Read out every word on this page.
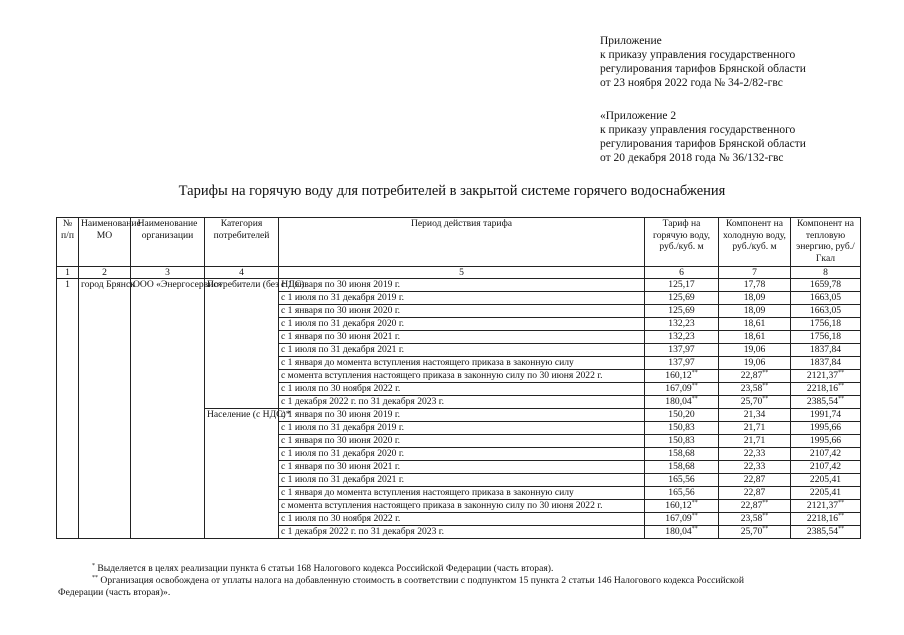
Приложение
к приказу управления государственного
регулирования тарифов Брянской области
от 23 ноября 2022 года № 34-2/82-гвс
«Приложение 2
к приказу управления государственного
регулирования тарифов Брянской области
от 20 декабря 2018 года № 36/132-гвс
Тарифы на горячую воду для потребителей в закрытой системе горячего водоснабжения
№ п/п	Наименование МО	Наименование организации	Категория потребителей	Период действия тарифа	Тариф на горячую воду, руб./куб. м	Компонент на холодную воду, руб./куб. м	Компонент на тепловую энергию, руб./Гкал
1	2	3	4	5	6	7	8
1	город Брянск	ООО «Энергосервис»	Потребители (без НДС)	с 1 января по 30 июня 2019 г.	125,17	17,78	1659,78
				с 1 июля по 31 декабря 2019 г.	125,69	18,09	1663,05
				с 1 января по 30 июня 2020 г.	125,69	18,09	1663,05
				с 1 июля по 31 декабря 2020 г.	132,23	18,61	1756,18
				с 1 января по 30 июня 2021 г.	132,23	18,61	1756,18
				с 1 июля по 31 декабря 2021 г.	137,97	19,06	1837,84
				с 1 января до момента вступления настоящего приказа в законную силу	137,97	19,06	1837,84
				с момента вступления настоящего приказа в законную силу по 30 июня 2022 г.	160,12**	22,87**	2121,37**
				с 1 июля по 30 ноября 2022 г.	167,09**	23,58**	2218,16**
				с 1 декабря 2022 г. по 31 декабря 2023 г.	180,04**	25,70**	2385,54**
			Население (с НДС)*	с 1 января по 30 июня 2019 г.	150,20	21,34	1991,74
				с 1 июля по 31 декабря 2019 г.	150,83	21,71	1995,66
				с 1 января по 30 июня 2020 г.	150,83	21,71	1995,66
				с 1 июля по 31 декабря 2020 г.	158,68	22,33	2107,42
				с 1 января по 30 июня 2021 г.	158,68	22,33	2107,42
				с 1 июля по 31 декабря 2021 г.	165,56	22,87	2205,41
				с 1 января до момента вступления настоящего приказа в законную силу	165,56	22,87	2205,41
				с момента вступления настоящего приказа в законную силу по 30 июня 2022 г.	160,12**	22,87**	2121,37**
				с 1 июля по 30 ноября 2022 г.	167,09**	23,58**	2218,16**
				с 1 декабря 2022 г. по 31 декабря 2023 г.	180,04**	25,70**	2385,54**
* Выделяется в целях реализации пункта 6 статьи 168 Налогового кодекса Российской Федерации (часть вторая).
** Организация освобождена от уплаты налога на добавленную стоимость в соответствии с подпунктом 15 пункта 2 статьи 146 Налогового кодекса Российской
Федерации (часть вторая)».
